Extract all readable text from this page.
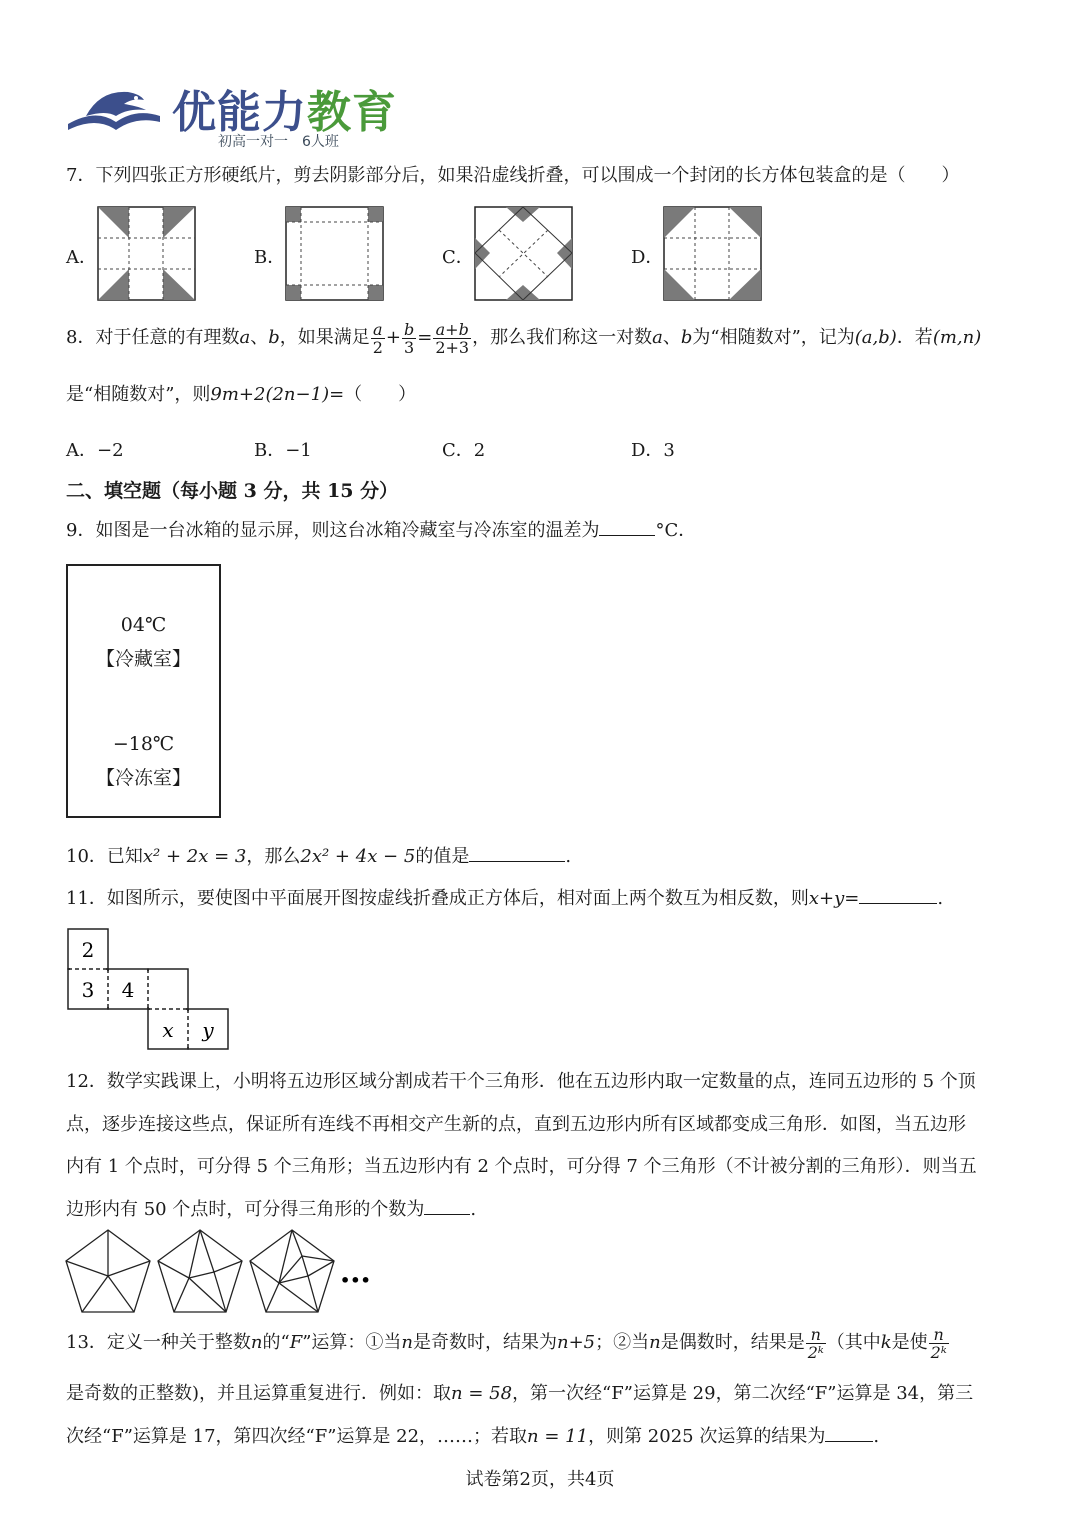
优能力教育
初高一对一　6人班
7．下列四张正方形硬纸片，剪去阴影部分后，如果沿虚线折叠，可以围成一个封闭的长方体包装盒的是（　　）
A．	B．	C．	D．
8．对于任意的有理数a、b，如果满足 $\frac{a}{2} + \frac{b}{3} = \frac{a+b}{2+3}$ ，那么我们称这一对数a、b为“相随数对”，记为(a,b)．若(m,n)
是“相随数对”，则9m+2(2n−1)=（　　）
A．−2	B．−1	C．2	D．3
二、填空题（每小题 3 分，共 15 分）
9．如图是一台冰箱的显示屏，则这台冰箱冷藏室与冷冻室的温差为	°C．
04℃
【冷藏室】
−18℃
【冷冻室】
10．已知x² + 2x = 3，那么2x² + 4x − 5的值是	.
11．如图所示，要使图中平面展开图按虚线折叠成正方体后，相对面上两个数互为相反数，则x+y=	.
2
3 4
x y
12．数学实践课上，小明将五边形区域分割成若干个三角形．他在五边形内取一定数量的点，连同五边形的 5 个顶
点，逐步连接这些点，保证所有连线不再相交产生新的点，直到五边形内所有区域都变成三角形．如图，当五边形
内有 1 个点时，可分得 5 个三角形；当五边形内有 2 个点时，可分得 7 个三角形（不计被分割的三角形）．则当五
边形内有 50 个点时，可分得三角形的个数为	.
•••
13．定义一种关于整数n的“F”运算：①当n是奇数时，结果为n+5；②当n是偶数时，结果是 $\frac{n}{\text{2ᵏ}}$ （其中k是使 $\frac{n}{\text{2ᵏ}}$
是奇数的正整数)，并且运算重复进行．例如：取n = 58，第一次经“F”运算是 29，第二次经“F”运算是 34，第三
次经“F”运算是 17，第四次经“F”运算是 22，……；若取n = 11，则第 2025 次运算的结果为	.
试卷第2页，共4页
